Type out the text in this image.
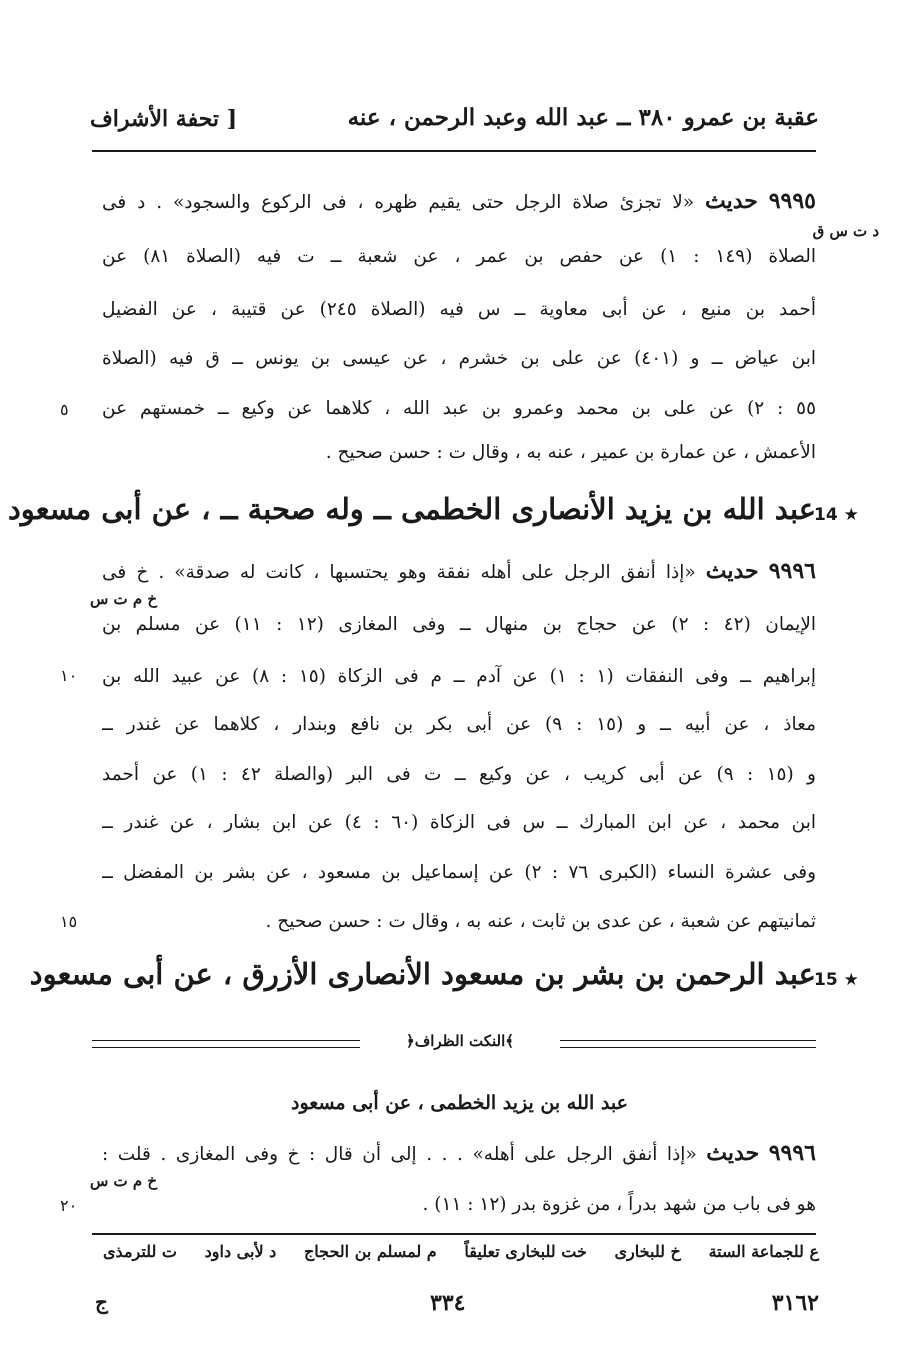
عقبة بن عمرو ٣٨٠ ــ عبد الله وعبد الرحمن ، عنه
[ تحفة الأشراف
٩٩٩٥ حديث «لا تجزئ صلاة الرجل حتى يقيم ظهره ، فى الركوع والسجود» . د فى
د ت س ق
الصلاة (١٤٩ : ١) عن حفص بن عمر ، عن شعبة ــ ت فيه (الصلاة ٨١) عن
أحمد بن منيع ، عن أبى معاوية ــ س فيه (الصلاة ٢٤٥) عن قتيبة ، عن الفضيل
ابن عياض ــ و (٤٠١) عن على بن خشرم ، عن عيسى بن يونس ــ ق فيه (الصلاة
٥٥ : ٢) عن على بن محمد وعمرو بن عبد الله ، كلاهما عن وكيع ــ خمستهم عن
الأعمش ، عن عمارة بن عمير ، عنه به ، وقال ت : حسن صحيح .
٥
14 ★
عبد الله بن يزيد الأنصارى الخطمى ــ وله صحبة ــ ، عن أبى مسعود
٩٩٩٦ حديث «إذا أنفق الرجل على أهله نفقة وهو يحتسبها ، كانت له صدقة» . خ فى
خ م ت س
الإيمان (٤٢ : ٢) عن حجاج بن منهال ــ وفى المغازى (١٢ : ١١) عن مسلم بن
إبراهيم ــ وفى النفقات (١ : ١) عن آدم ــ م فى الزكاة (١٥ : ٨) عن عبيد الله بن
معاذ ، عن أبيه ــ و (١٥ : ٩) عن أبى بكر بن نافع وبندار ، كلاهما عن غندر ــ
و (١٥ : ٩) عن أبى كريب ، عن وكيع ــ ت فى البر (والصلة ٤٢ : ١) عن أحمد
ابن محمد ، عن ابن المبارك ــ س فى الزكاة (٦٠ : ٤) عن ابن بشار ، عن غندر ــ
وفى عشرة النساء (الكبرى ٧٦ : ٢) عن إسماعيل بن مسعود ، عن بشر بن المفضل ــ
ثمانيتهم عن شعبة ، عن عدى بن ثابت ، عنه به ، وقال ت : حسن صحيح .
١٠
١٥
15 ★
عبد الرحمن بن بشر بن مسعود الأنصارى الأزرق ، عن أبى مسعود
﴾النكت الظراف﴿
عبد الله بن يزيد الخطمى ، عن أبى مسعود
٩٩٩٦ حديث «إذا أنفق الرجل على أهله» . . . إلى أن قال : خ وفى المغازى . قلت :
خ م ت س
هو فى باب من شهد بدراً ، من غزوة بدر (١٢ : ١١) .
٢٠
ع للجماعة الستة
خ للبخارى
خت للبخارى تعليقاً
م لمسلم بن الحجاج
د لأبى داود
ت للترمذى
٣١٦٢
٣٣٤
ج
